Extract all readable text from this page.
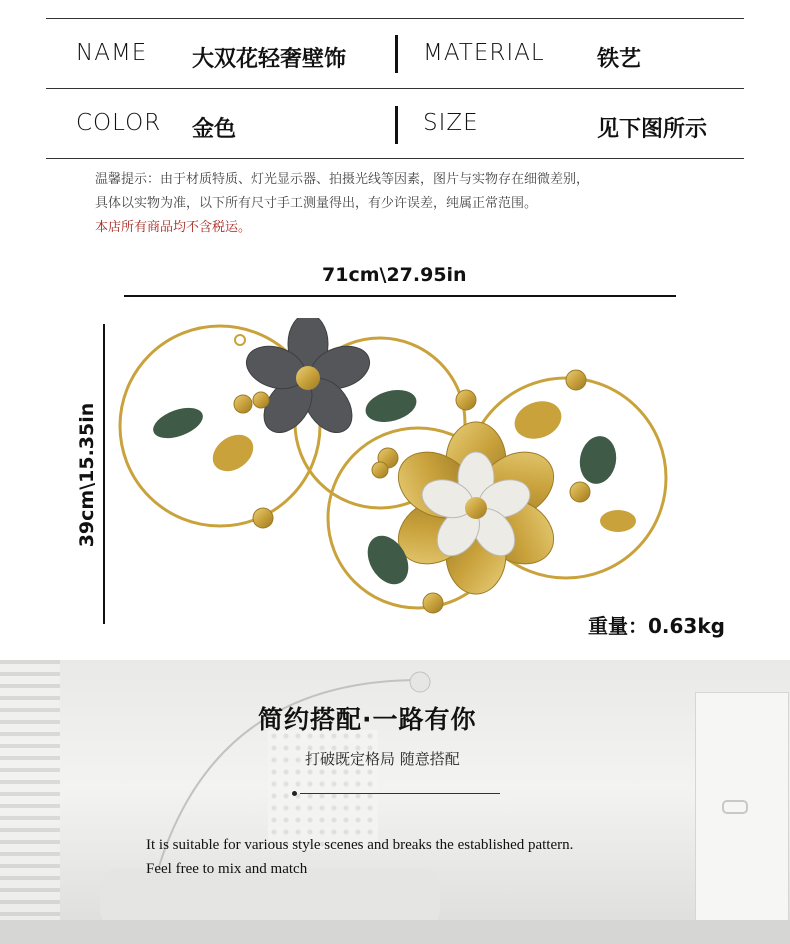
NAME 大双花轻奢壁饰	MATERIAL 铁艺
COLOR 金色	SIZE	见下图所示
温馨提示：由于材质特质、灯光显示器、拍摄光线等因素，图片与实物存在细微差别，
具体以实物为准，以下所有尺寸手工测量得出，有少许误差，纯属正常范围。
本店所有商品均不含税运。
71cm\27.95in
39cm\15.35in
重量：0.63kg
简约搭配·一路有你
打破既定格局 随意搭配
It is suitable for various style scenes and breaks the established pattern.
Feel free to mix and match
